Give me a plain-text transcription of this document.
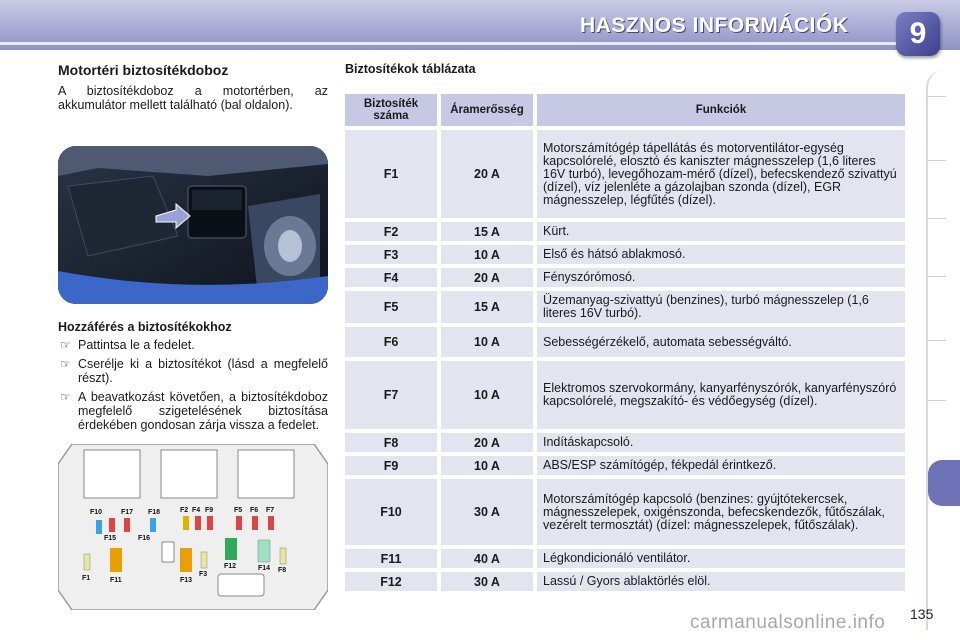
HASZNOS INFORMÁCIÓK	9
Motortéri biztosítékdoboz
A biztosítékdoboz a motortérben, az akkumulátor mellett található (bal oldalon).
Hozzáférés a biztosítékokhoz
☞ Pattintsa le a fedelet.
☞ Cserélje ki a biztosítékot (lásd a megfelelő részt).
☞ A beavatkozást követően, a biztosítékdoboz megfelelő szigetelésének biztosítása érdekében gondosan zárja vissza a fedelet.
F10	F17 F18	F2 F4 F9	F5 F6 F7
F15	F16
F1	F11	F13
F3
F12	F14 F8
Biztosítékok táblázata
Biztosíték száma	Áramerősség	Funkciók
F1	20 A	Motorszámítógép tápellátás és motorventilátor-egység kapcsolórelé, elosztó és kaniszter mágnesszelep (1,6 literes 16V turbó), levegőhozam-mérő (dízel), befecskendező szivattyú (dízel), víz jelenléte a gázolajban szonda (dízel), EGR mágnesszelep, légfűtés (dízel).
F2	15 A	Kürt.
F3	10 A	Első és hátsó ablakmosó.
F4	20 A	Fényszórómosó.
F5	15 A	Üzemanyag-szivattyú (benzines), turbó mágnesszelep (1,6 literes 16V turbó).
F6	10 A	Sebességérzékelő, automata sebességváltó.
F7	10 A	Elektromos szervokormány, kanyarfényszórók, kanyarfényszóró kapcsolórelé, megszakító- és védőegység (dízel).
F8	20 A	Indításkapcsoló.
F9	10 A	ABS/ESP számítógép, fékpedál érintkező.
F10	30 A	Motorszámítógép kapcsoló (benzines: gyújtótekercsek, mágnesszelepek, oxigénszonda, befecskendezők, fűtőszálak, vezérelt termosztát) (dízel: mágnesszelepek, fűtőszálak).
F11	40 A	Légkondicionáló ventilátor.
F12	30 A	Lassú / Gyors ablaktörlés elöl.
carmanualsonline.info 135
